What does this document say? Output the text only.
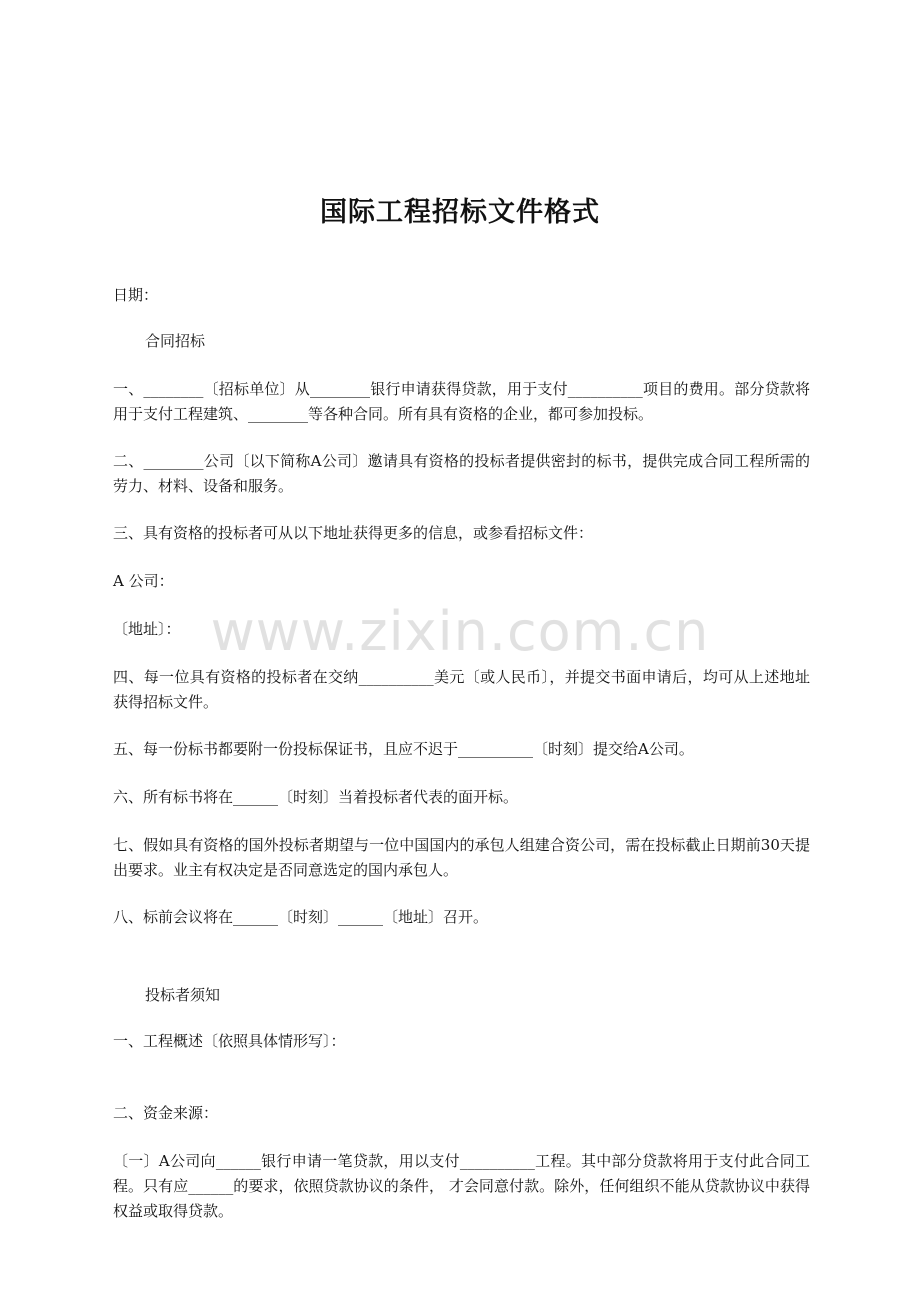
国际工程招标文件格式
日期：
合同招标
一、________〔招标单位〕从________银行申请获得贷款，用于支付__________项目的费用。部分贷款将用于支付工程建筑、________等各种合同。所有具有资格的企业，都可参加投标。
二、________公司〔以下简称A公司〕邀请具有资格的投标者提供密封的标书，提供完成合同工程所需的劳力、材料、设备和服务。
三、具有资格的投标者可从以下地址获得更多的信息，或参看招标文件：
A 公司：
〔地址〕：
四、每一位具有资格的投标者在交纳__________美元〔或人民币〕，并提交书面申请后，均可从上述地址获得招标文件。
五、每一份标书都要附一份投标保证书，且应不迟于__________〔时刻〕提交给A公司。
六、所有标书将在______〔时刻〕当着投标者代表的面开标。
七、假如具有资格的国外投标者期望与一位中国国内的承包人组建合资公司，需在投标截止日期前30天提出要求。业主有权决定是否同意选定的国内承包人。
八、标前会议将在______〔时刻〕______〔地址〕召开。
投标者须知
一、工程概述〔依照具体情形写〕：
二、资金来源：
〔一〕A公司向______银行申请一笔贷款，用以支付__________工程。其中部分贷款将用于支付此合同工程。只有应______的要求，依照贷款协议的条件， 才会同意付款。除外，任何组织不能从贷款协议中获得权益或取得贷款。
www.zixin.com.cn
